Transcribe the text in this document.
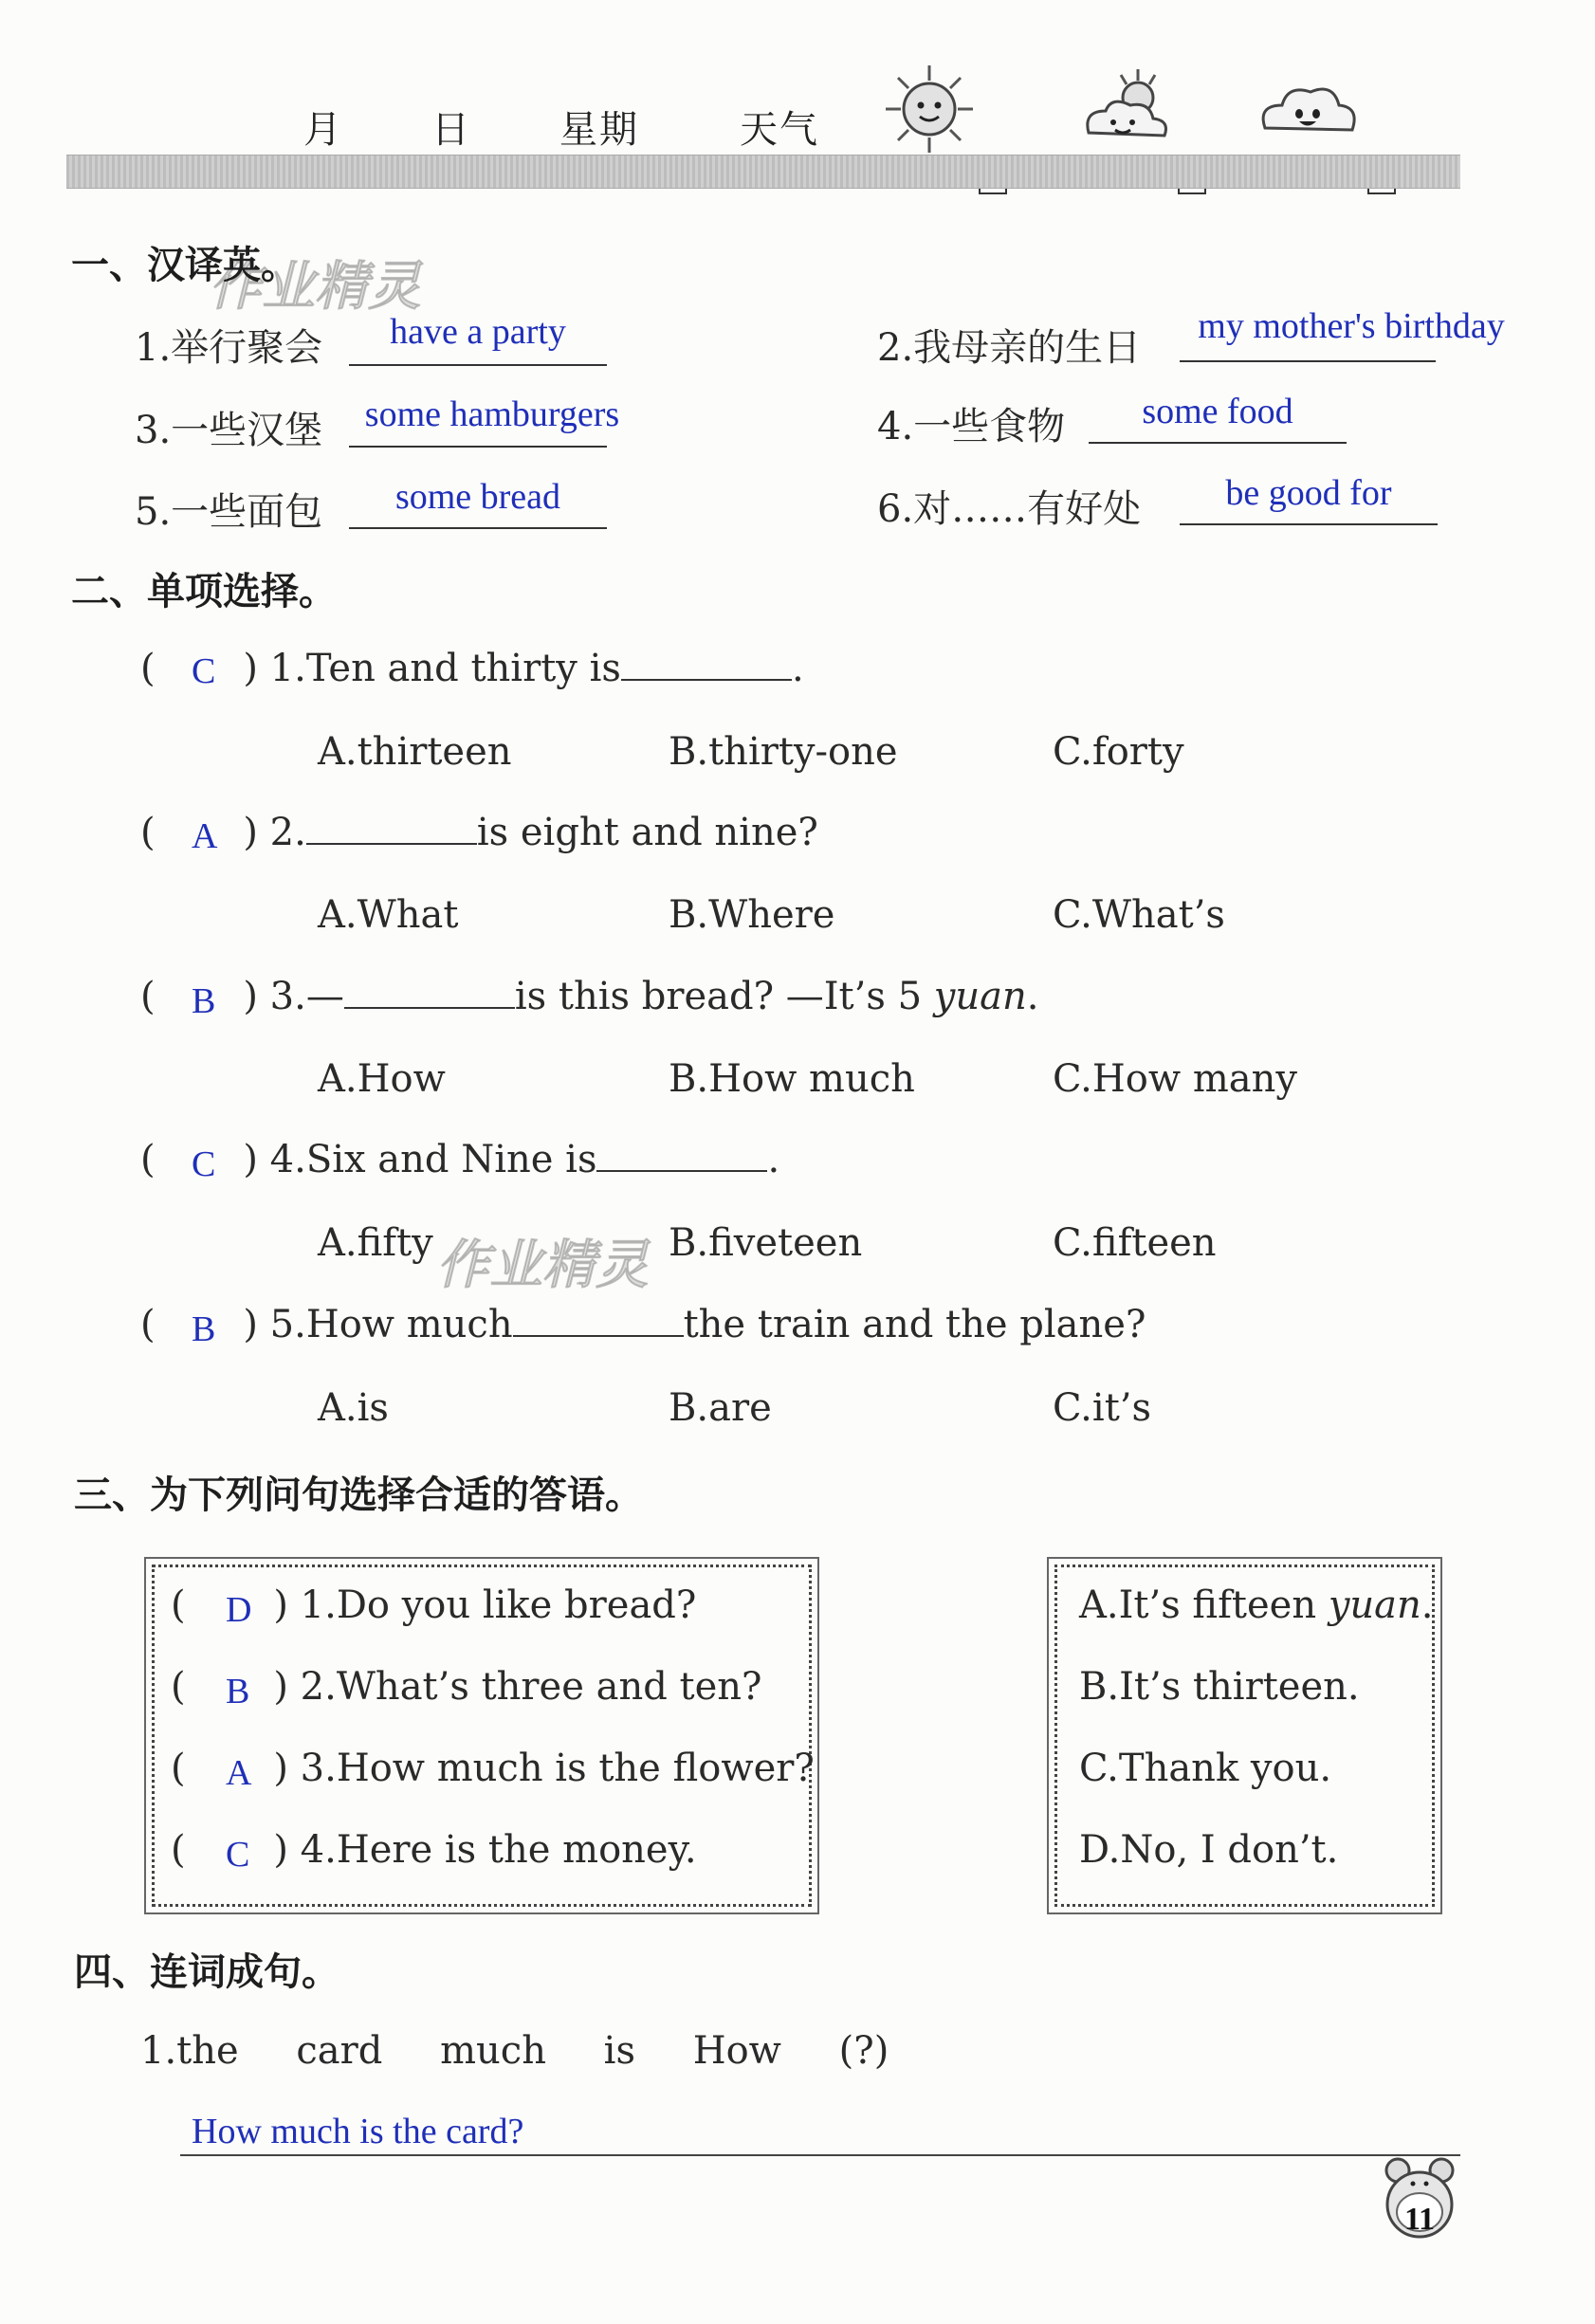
月 日 星期	天气
作业精灵
作业精灵
一、汉译英。
1.举行聚会	have a party	2.我母亲的生日	my mother's birthday
3.一些汉堡	some hamburgers	4.一些食物	some food
5.一些面包	some bread	6.对……有好处	be good for
二、单项选择。
( ) 1.Ten and thirty is	.
C
A.thirteen	B.thirty-one	C.forty
( ) 2.	is eight and nine?
A
A.What	B.Where	C.What’s
( ) 3.—	is this bread? —It’s 5 yuan.
B
A.How	B.How much	C.How many
( ) 4.Six and Nine is	.
C
A.fifty	B.fiveteen	C.fifteen
( ) 5.How much	the train and the plane?
B
A.is	B.are	C.it’s
三、为下列问句选择合适的答语。
( ) 1.Do you like bread?
D
( ) 2.What’s three and ten?
B
( ) 3.How much is the flower?
A
( ) 4.Here is the money.
C
A.It’s fifteen yuan.
B.It’s thirteen.
C.Thank you.
D.No, I don’t.
四、连词成句。
1.the card much is How (?)
How much is the card?
11
